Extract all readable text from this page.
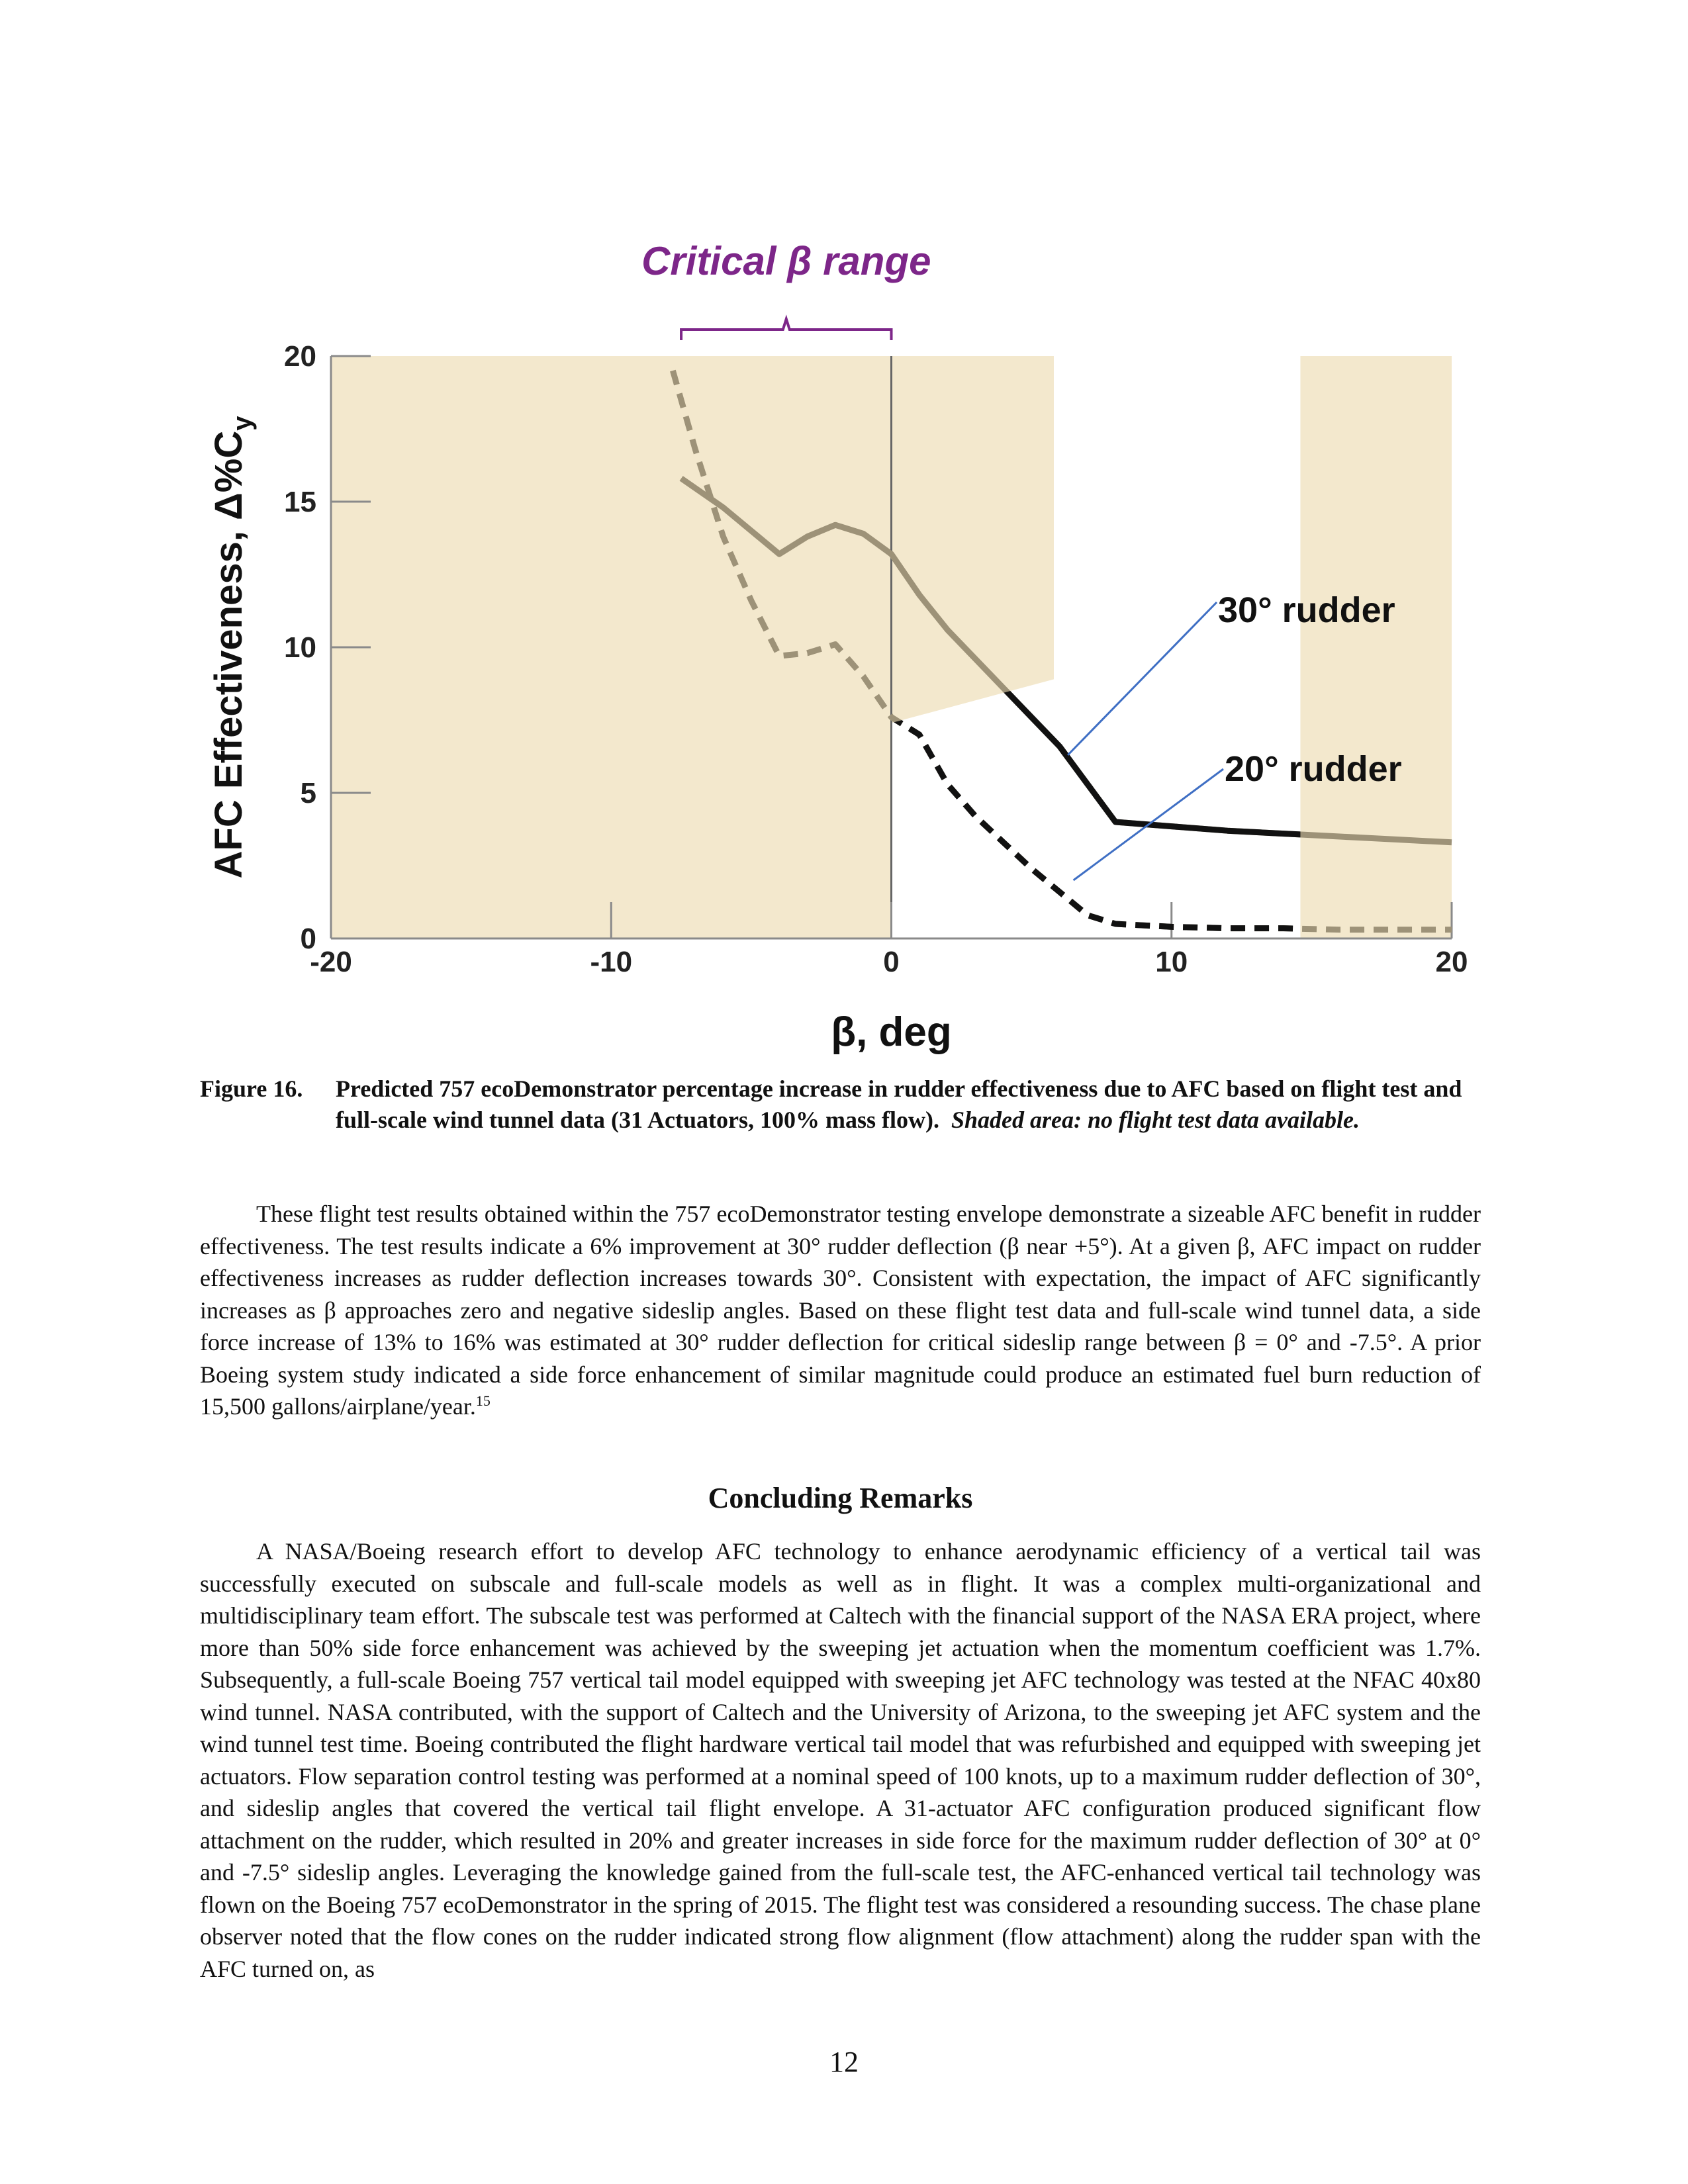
0
5
10
15
20
-20	-10	0	10	20
30° rudder
20° rudder
Critical β range
β, deg
AFC Effectiveness, $\Delta\%C_y$
Figure 16. Predicted 757 ecoDemonstrator percentage increase in rudder effectiveness due to AFC based on flight test and full-scale wind tunnel data (31 Actuators, 100% mass flow). Shaded area: no flight test data available.

These flight test results obtained within the 757 ecoDemonstrator testing envelope demonstrate a sizeable AFC benefit in rudder effectiveness. The test results indicate a 6% improvement at 30° rudder deflection (β near +5°). At a given β, AFC impact on rudder effectiveness increases as rudder deflection increases towards 30°. Consistent with expectation, the impact of AFC significantly increases as β approaches zero and negative sideslip angles. Based on these flight test data and full-scale wind tunnel data, a side force increase of 13% to 16% was estimated at 30° rudder deflection for critical sideslip range between β = 0° and -7.5°. A prior Boeing system study indicated a side force enhancement of similar magnitude could produce an estimated fuel burn reduction of 15,500 gallons/airplane/year.$^{15}$

Concluding Remarks

A NASA/Boeing research effort to develop AFC technology to enhance aerodynamic efficiency of a vertical tail was successfully executed on subscale and full-scale models as well as in flight. It was a complex multi-organizational and multidisciplinary team effort. The subscale test was performed at Caltech with the financial support of the NASA ERA project, where more than 50% side force enhancement was achieved by the sweeping jet actuation when the momentum coefficient was 1.7%. Subsequently, a full-scale Boeing 757 vertical tail model equipped with sweeping jet AFC technology was tested at the NFAC 40x80 wind tunnel. NASA contributed, with the support of Caltech and the University of Arizona, to the sweeping jet AFC system and the wind tunnel test time. Boeing contributed the flight hardware vertical tail model that was refurbished and equipped with sweeping jet actuators. Flow separation control testing was performed at a nominal speed of 100 knots, up to a maximum rudder deflection of 30°, and sideslip angles that covered the vertical tail flight envelope. A 31-actuator AFC configuration produced significant flow attachment on the rudder, which resulted in 20% and greater increases in side force for the maximum rudder deflection of 30° at 0° and -7.5° sideslip angles. Leveraging the knowledge gained from the full-scale test, the AFC-enhanced vertical tail technology was flown on the Boeing 757 ecoDemonstrator in the spring of 2015. The flight test was considered a resounding success. The chase plane observer noted that the flow cones on the rudder indicated strong flow alignment (flow attachment) along the rudder span with the AFC turned on, as

12
